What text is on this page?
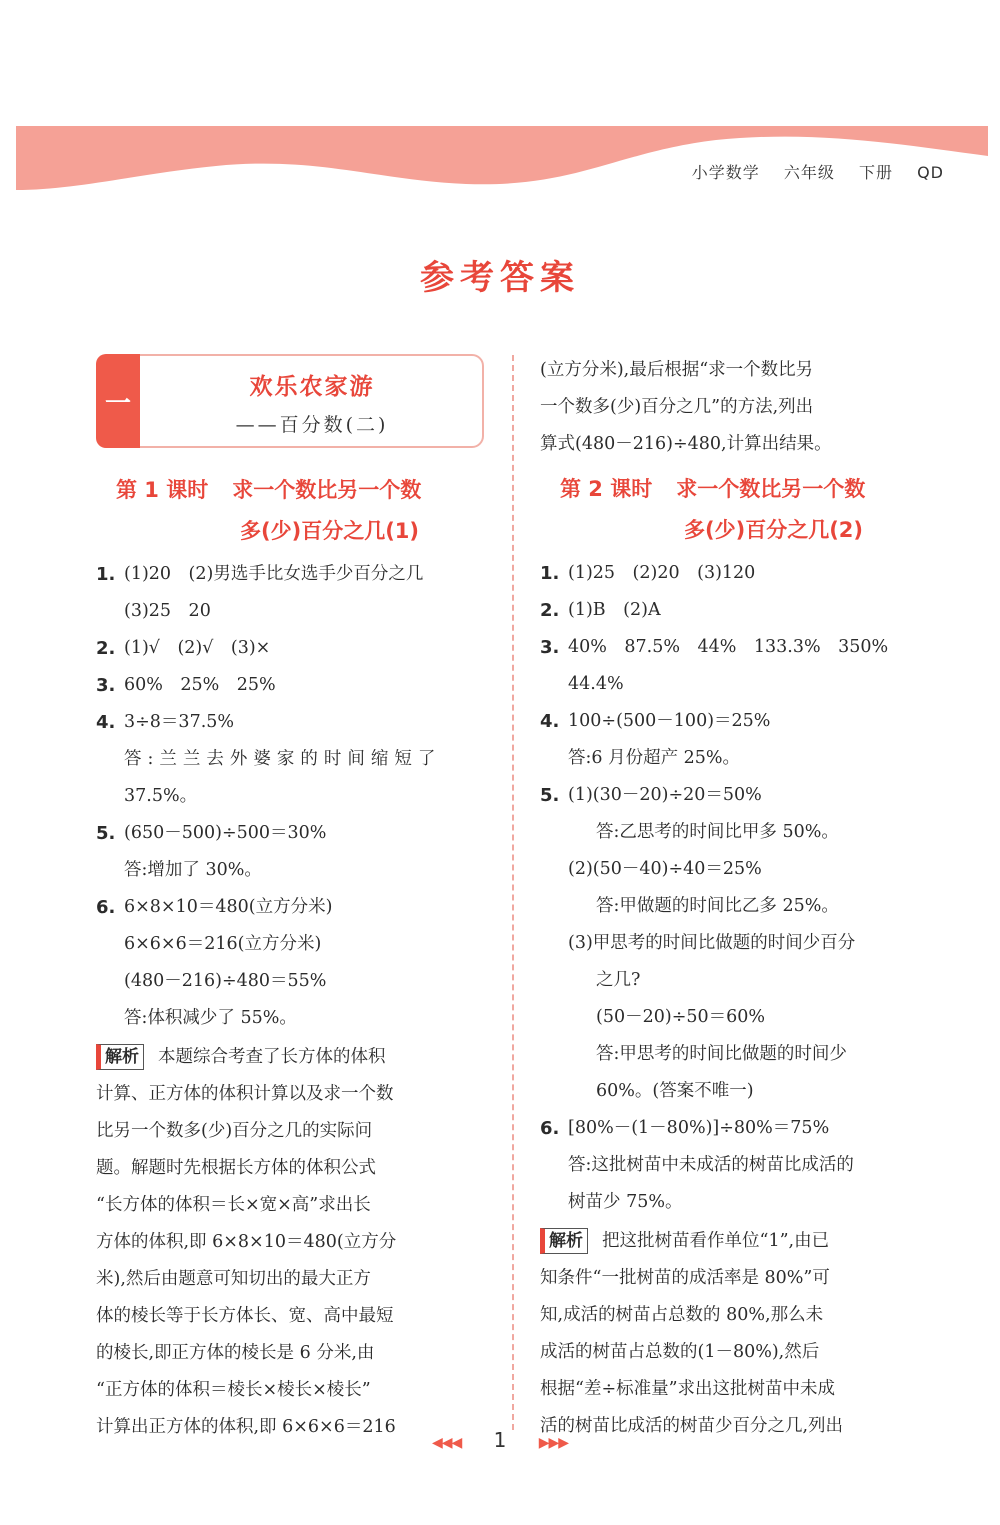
小学数学 六年级 下册 QD
参考答案
一
欢乐农家游
——百分数(二)
第 1 课时 求一个数比另一个数
多(少)百分之几(1)
1. (1)20　(2)男选手比女选手少百分之几
(3)25　20
2. (1)√　(2)√　(3)×
3. 60%　25%　25%
4. 3÷8＝37.5%
答:兰兰去外婆家的时间缩短了
37.5%。
5. (650－500)÷500＝30%
答:增加了 30%。
6. 6×8×10＝480(立方分米)
6×6×6＝216(立方分米)
(480－216)÷480＝55%
答:体积减少了 55%。
解析 本题综合考查了长方体的体积
计算、正方体的体积计算以及求一个数
比另一个数多(少)百分之几的实际问
题。解题时先根据长方体的体积公式
“长方体的体积＝长×宽×高”求出长
方体的体积,即 6×8×10＝480(立方分
米),然后由题意可知切出的最大正方
体的棱长等于长方体长、宽、高中最短
的棱长,即正方体的棱长是 6 分米,由
“正方体的体积＝棱长×棱长×棱长”
计算出正方体的体积,即 6×6×6＝216
(立方分米),最后根据“求一个数比另
一个数多(少)百分之几”的方法,列出
算式(480－216)÷480,计算出结果。
第 2 课时 求一个数比另一个数
多(少)百分之几(2)
1. (1)25　(2)20　(3)120
2. (1)B　(2)A
3. 40%　87.5%　44%　133.3%　350%
44.4%
4. 100÷(500－100)＝25%
答:6 月份超产 25%。
5. (1)(30－20)÷20＝50%
答:乙思考的时间比甲多 50%。
(2)(50－40)÷40＝25%
答:甲做题的时间比乙多 25%。
(3)甲思考的时间比做题的时间少百分
之几?
(50－20)÷50＝60%
答:甲思考的时间比做题的时间少
60%。(答案不唯一)
6. [80%－(1－80%)]÷80%＝75%
答:这批树苗中未成活的树苗比成活的
树苗少 75%。
解析 把这批树苗看作单位“1”,由已
知条件“一批树苗的成活率是 80%”可
知,成活的树苗占总数的 80%,那么未
成活的树苗占总数的(1－80%),然后
根据“差÷标准量”求出这批树苗中未成
活的树苗比成活的树苗少百分之几,列出
◀◀◀ 1 ▶▶▶
